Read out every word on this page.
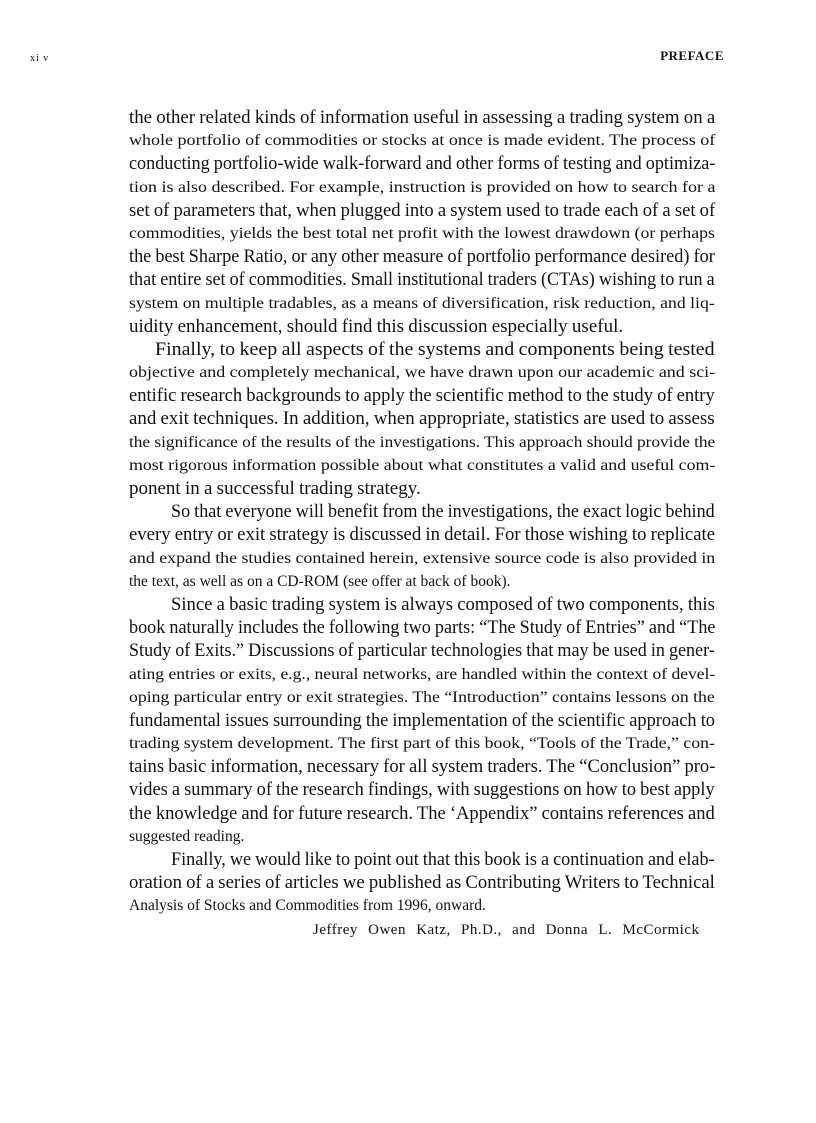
xi v	PREFACE
the other related kinds of information useful in assessing a trading system on a
whole portfolio of commodities or stocks at once is made evident. The process of
conducting portfolio-wide walk-forward and other forms of testing and optimiza-
tion is also described. For example, instruction is provided on how to search for a
set of parameters that, when plugged into a system used to trade each of a set of
commodities, yields the best total net profit with the lowest drawdown (or perhaps
the best Sharpe Ratio, or any other measure of portfolio performance desired) for
that entire set of commodities. Small institutional traders (CTAs) wishing to run a
system on multiple tradables, as a means of diversification, risk reduction, and liq-
uidity enhancement, should find this discussion especially useful.
Finally, to keep all aspects of the systems and components being tested
objective and completely mechanical, we have drawn upon our academic and sci-
entific research backgrounds to apply the scientific method to the study of entry
and exit techniques. In addition, when appropriate, statistics are used to assess
the significance of the results of the investigations. This approach should provide the
most rigorous information possible about what constitutes a valid and useful com-
ponent in a successful trading strategy.
So that everyone will benefit from the investigations, the exact logic behind
every entry or exit strategy is discussed in detail. For those wishing to replicate
and expand the studies contained herein, extensive source code is also provided in
the text, as well as on a CD-ROM (see offer at back of book).
Since a basic trading system is always composed of two components, this
book naturally includes the following two parts: “The Study of Entries” and “The
Study of Exits.” Discussions of particular technologies that may be used in gener-
ating entries or exits, e.g., neural networks, are handled within the context of devel-
oping particular entry or exit strategies. The “Introduction” contains lessons on the
fundamental issues surrounding the implementation of the scientific approach to
trading system development. The first part of this book, “Tools of the Trade,” con-
tains basic information, necessary for all system traders. The “Conclusion” pro-
vides a summary of the research findings, with suggestions on how to best apply
the knowledge and for future research. The ‘Appendix” contains references and
suggested reading.
Finally, we would like to point out that this book is a continuation and elab-
oration of a series of articles we published as Contributing Writers to Technical
Analysis of Stocks and Commodities from 1996, onward.
Jeffrey Owen Katz, Ph.D., and Donna L. McCormick
